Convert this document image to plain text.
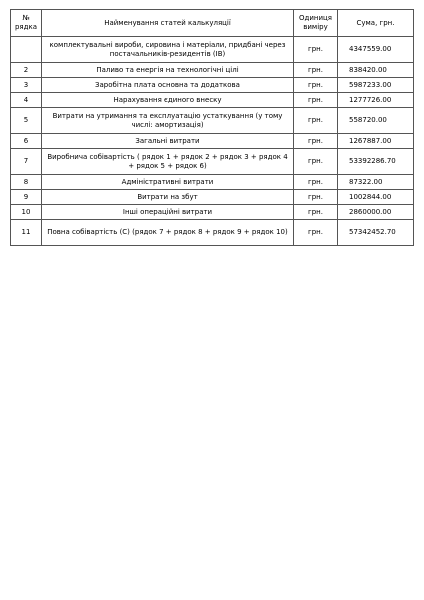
№ рядка	Найменування статей калькуляції	Одиниця виміру	Сума, грн.
	комплектувальні вироби, сировина і матеріали, придбані через постачальників-резидентів (ІВ)	грн.	4347559.00
2	Паливо та енергія на технологічні цілі	грн.	838420.00
3	Заробітна плата основна та додаткова	грн.	5987233.00
4	Нарахування єдиного внеску	грн.	1277726.00
5	Витрати на утримання та експлуатацію устаткування (у тому числі: амортизація)	грн.	558720.00
6	Загальні витрати	грн.	1267887.00
7	Виробнича собівартість ( рядок 1 + рядок 2 + рядок 3 + рядок 4 + рядок 5 + рядок 6)	грн.	53392286.70
8	Адміністративні витрати	грн.	87322.00
9	Витрати на збут	грн.	1002844.00
10	Інші операційні витрати	грн.	2860000.00
11	Повна собівартість (С) (рядок 7 + рядок 8 + рядок 9 + рядок 10)	грн.	57342452.70
